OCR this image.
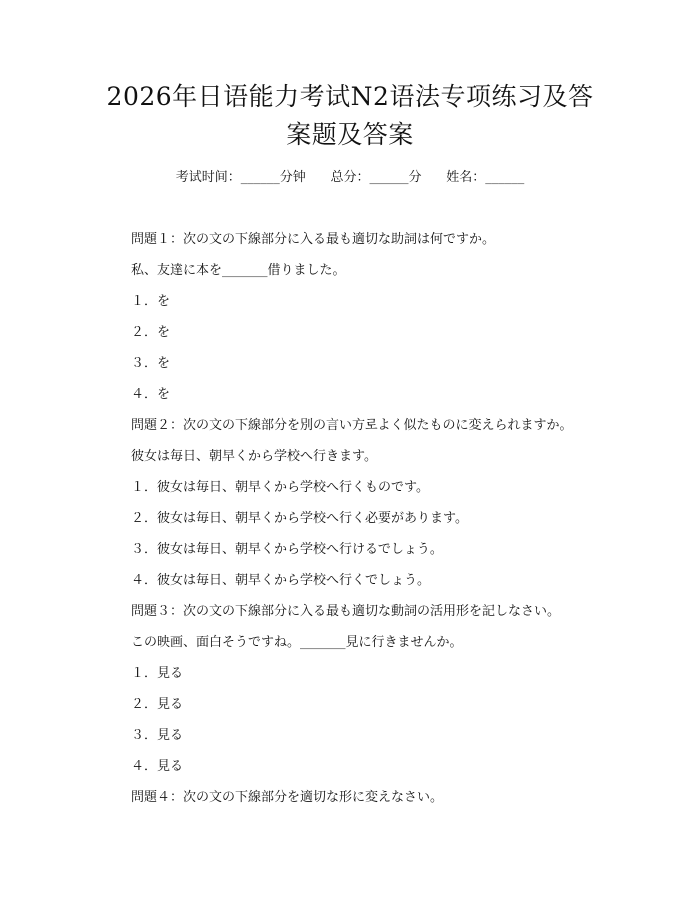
2026年日语能力考试N2语法专项练习及答
案题及答案
考试时间：______分钟      总分：______分      姓名：______
問題１：次の文の下線部分に入る最も適切な助詞は何ですか。
私、友達に本を_______借りました。
１．を
２．を
３．を
４．を
問題２：次の文の下線部分を別の言い方로よく似たものに変えられますか。
彼女は毎日、朝早くから学校へ行きます。
１．彼女は毎日、朝早くから学校へ行くものです。
２．彼女は毎日、朝早くから学校へ行く必要があります。
３．彼女は毎日、朝早くから学校へ行けるでしょう。
４．彼女は毎日、朝早くから学校へ行くでしょう。
問題３：次の文の下線部分に入る最も適切な動詞の活用形を記しなさい。
この映画、面白そうですね。_______見に行きませんか。
１．見る
２．見る
３．見る
４．見る
問題４：次の文の下線部分を適切な形に変えなさい。
